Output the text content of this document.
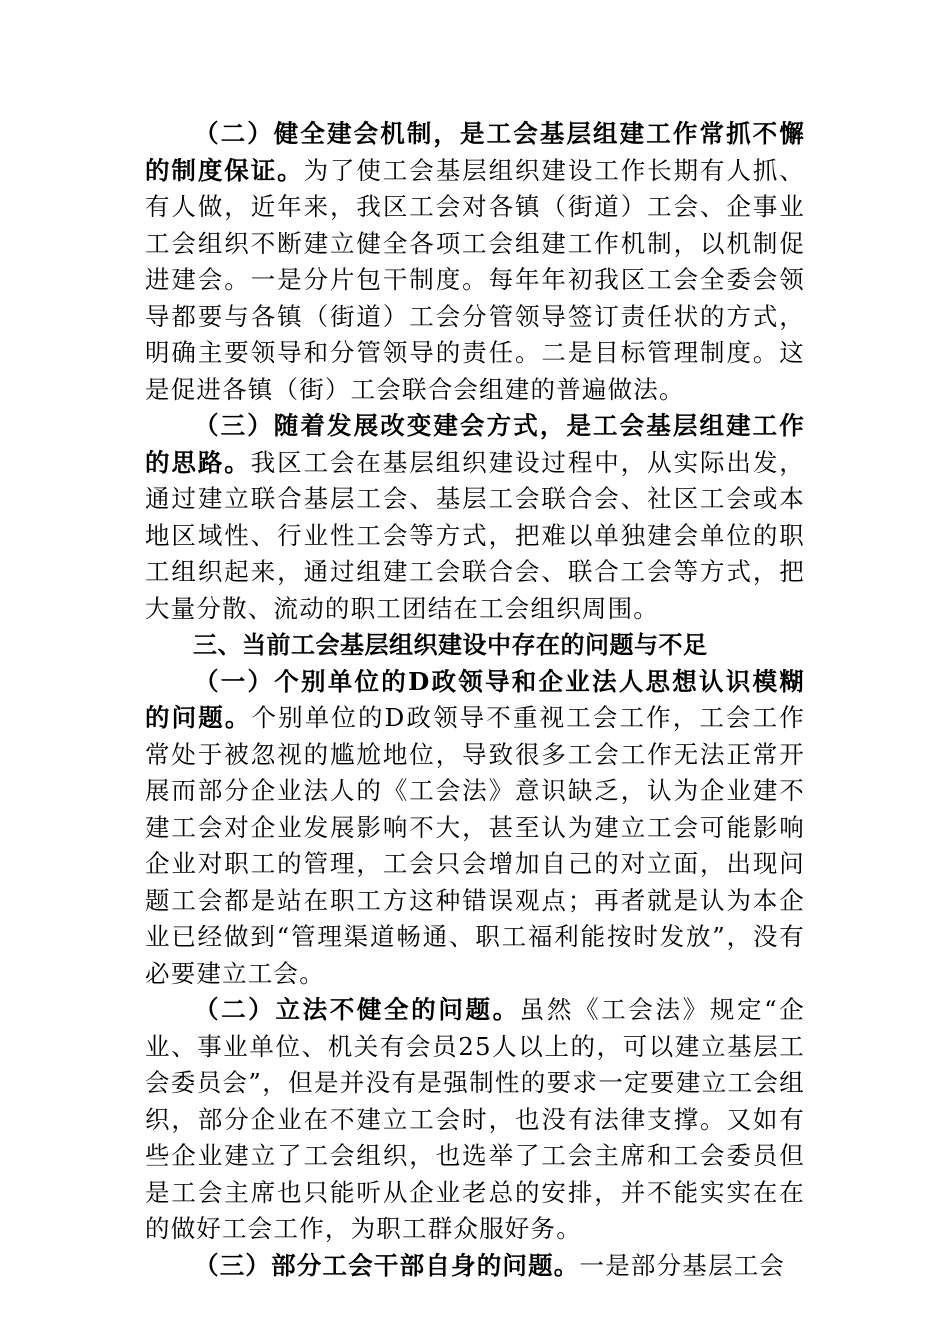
（二）健全建会机制，是工会基层组建工作常抓不懈的制度保证。为了使工会基层组织建设工作长期有人抓、有人做，近年来，我区工会对各镇（街道）工会、企事业工会组织不断建立健全各项工会组建工作机制，以机制促进建会。一是分片包干制度。每年年初我区工会全委会领导都要与各镇（街道）工会分管领导签订责任状的方式，明确主要领导和分管领导的责任。二是目标管理制度。这是促进各镇（街）工会联合会组建的普遍做法。

（三）随着发展改变建会方式，是工会基层组建工作的思路。我区工会在基层组织建设过程中，从实际出发，通过建立联合基层工会、基层工会联合会、社区工会或本地区域性、行业性工会等方式，把难以单独建会单位的职工组织起来，通过组建工会联合会、联合工会等方式，把大量分散、流动的职工团结在工会组织周围。

三、当前工会基层组织建设中存在的问题与不足

（一）个别单位的D政领导和企业法人思想认识模糊的问题。个别单位的D政领导不重视工会工作，工会工作常处于被忽视的尴尬地位，导致很多工会工作无法正常开展而部分企业法人的《工会法》意识缺乏，认为企业建不建工会对企业发展影响不大，甚至认为建立工会可能影响企业对职工的管理，工会只会增加自己的对立面，出现问题工会都是站在职工方这种错误观点；再者就是认为本企业已经做到“管理渠道畅通、职工福利能按时发放”，没有必要建立工会。

（二）立法不健全的问题。虽然《工会法》规定“企业、事业单位、机关有会员25人以上的，可以建立基层工会委员会”，但是并没有是强制性的要求一定要建立工会组织，部分企业在不建立工会时，也没有法律支撑。又如有些企业建立了工会组织，也选举了工会主席和工会委员但是工会主席也只能听从企业老总的安排，并不能实实在在的做好工会工作，为职工群众服好务。

（三）部分工会干部自身的问题。一是部分基层工会
